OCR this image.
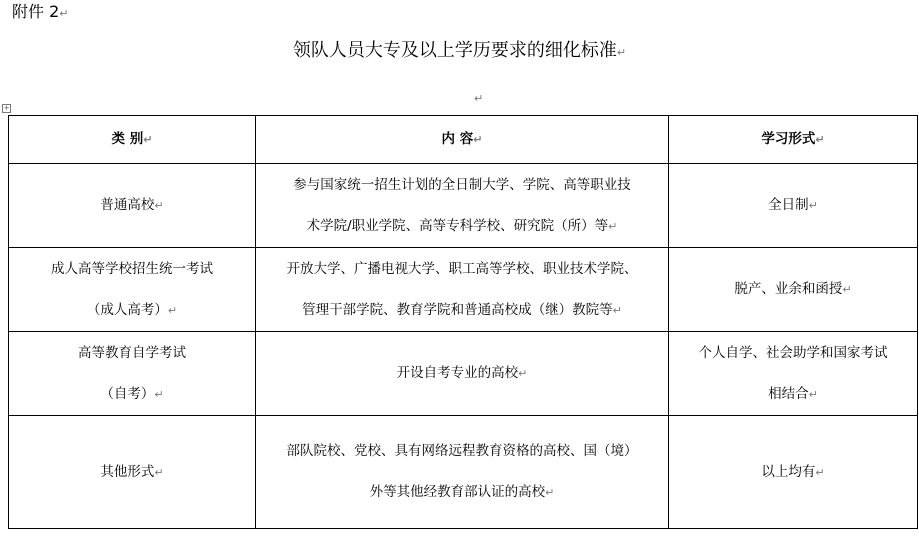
附件 2↵
领队人员大专及以上学历要求的细化标准↵
↵
+
类 别↵	内 容↵	学习形式↵

普通高校↵	参与国家统一招生计划的全日制大学、学院、高等职业技
术学院/职业学院、高等专科学校、研究院（所）等↵	全日制↵

成人高等学校招生统一考试
（成人高考）↵	开放大学、广播电视大学、职工高等学校、职业技术学院、
管理干部学院、教育学院和普通高校成（继）教院等↵	脱产、业余和函授↵

高等教育自学考试
（自考）↵	开设自考专业的高校↵	个人自学、社会助学和国家考试
相结合↵

其他形式↵	部队院校、党校、具有网络远程教育资格的高校、国（境）
外等其他经教育部认证的高校↵	以上均有↵
